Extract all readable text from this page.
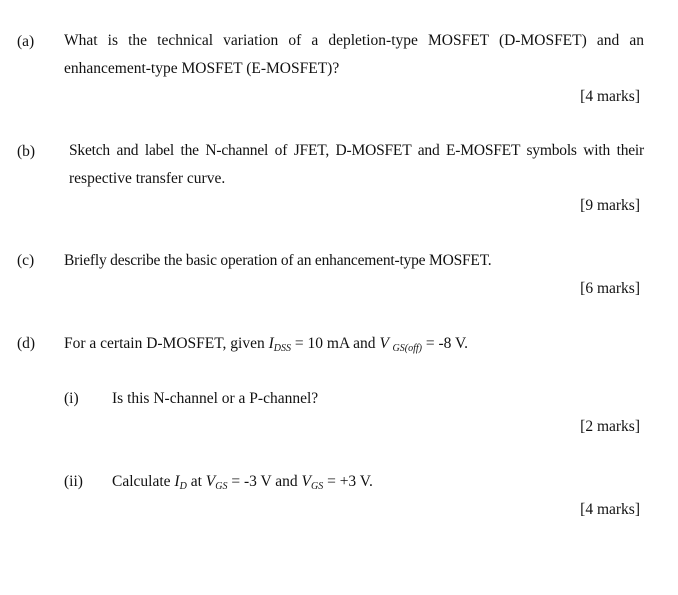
(a) What is the technical variation of a depletion-type MOSFET (D-MOSFET) and an
enhancement-type MOSFET (E-MOSFET)?
[4 marks]
(b) Sketch and label the N-channel of JFET, D-MOSFET and E-MOSFET symbols with their
respective transfer curve.
[9 marks]
(c) Briefly describe the basic operation of an enhancement-type MOSFET.
[6 marks]
(d) For a certain D-MOSFET, given $I_{DSS} = 10$ mA and V $_{GS(off)}$ = -8 V.
(i) Is this N-channel or a P-channel?
[2 marks]
(ii) Calculate $I_D$ at $V_{GS} = -3$ V and $V_{GS} = +3$ V.
[4 marks]
